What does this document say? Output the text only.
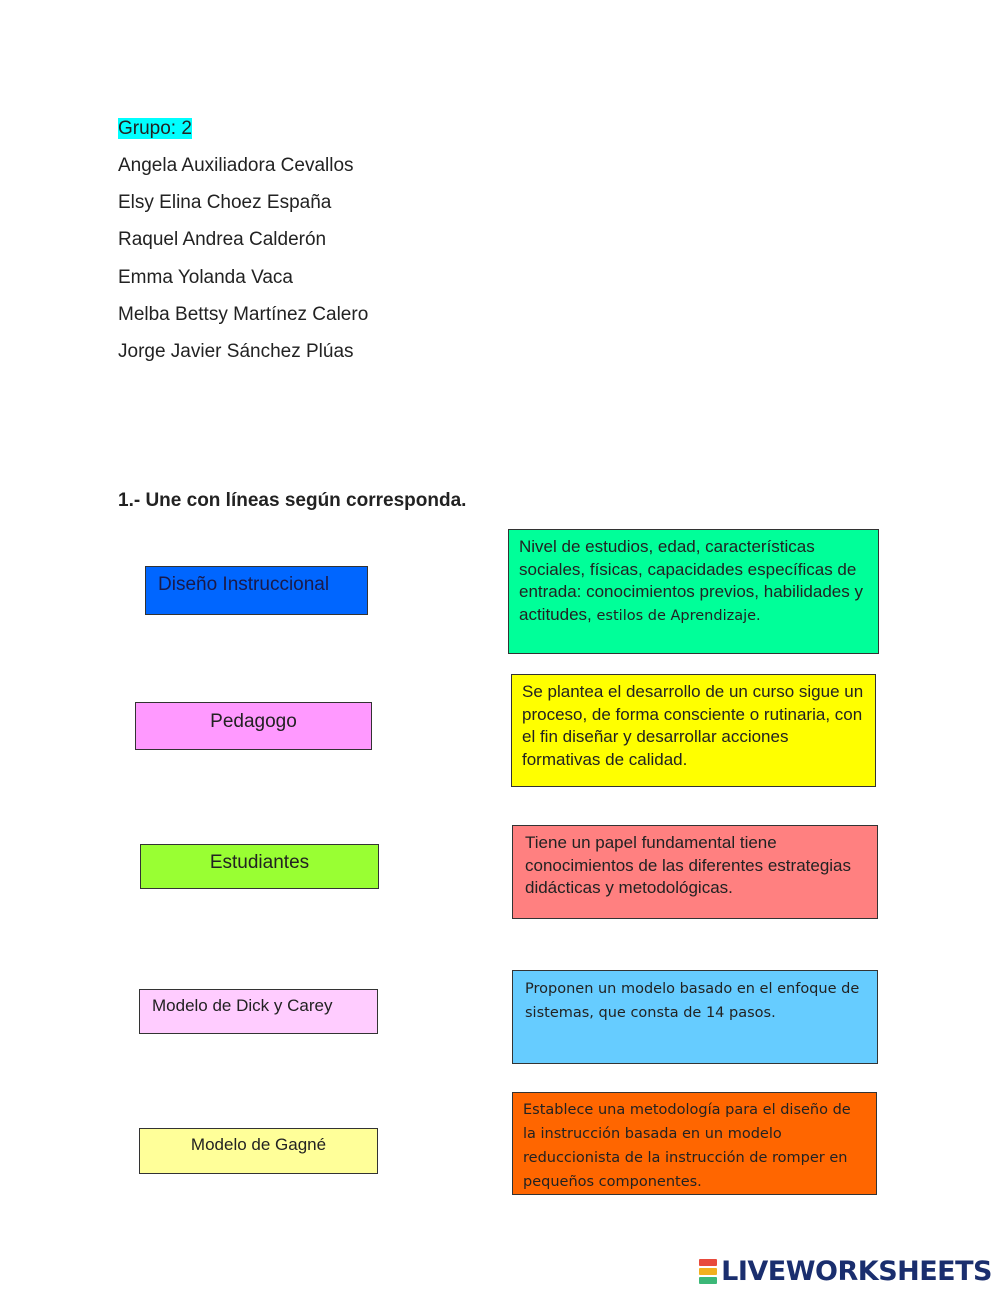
Grupo: 2
Angela Auxiliadora Cevallos
Elsy Elina Choez España
Raquel Andrea Calderón
Emma Yolanda Vaca
Melba Bettsy Martínez Calero
Jorge Javier Sánchez Plúas
1.- Une con líneas según corresponda.
Diseño Instruccional
Pedagogo
Estudiantes
Modelo de Dick y Carey
Modelo de Gagné
Nivel de estudios, edad, características sociales, físicas, capacidades específicas de entrada: conocimientos previos, habilidades y actitudes, estilos de Aprendizaje.
Se plantea el desarrollo de un curso sigue un proceso, de forma consciente o rutinaria, con el fin diseñar y desarrollar acciones formativas de calidad.
Tiene un papel fundamental tiene conocimientos de las diferentes estrategias didácticas y metodológicas.
Proponen un modelo basado en el enfoque de sistemas, que consta de 14 pasos.
Establece una metodología para el diseño de la instrucción basada en un modelo reduccionista de la instrucción de romper en pequeños componentes.
LIVEWORKSHEETS
